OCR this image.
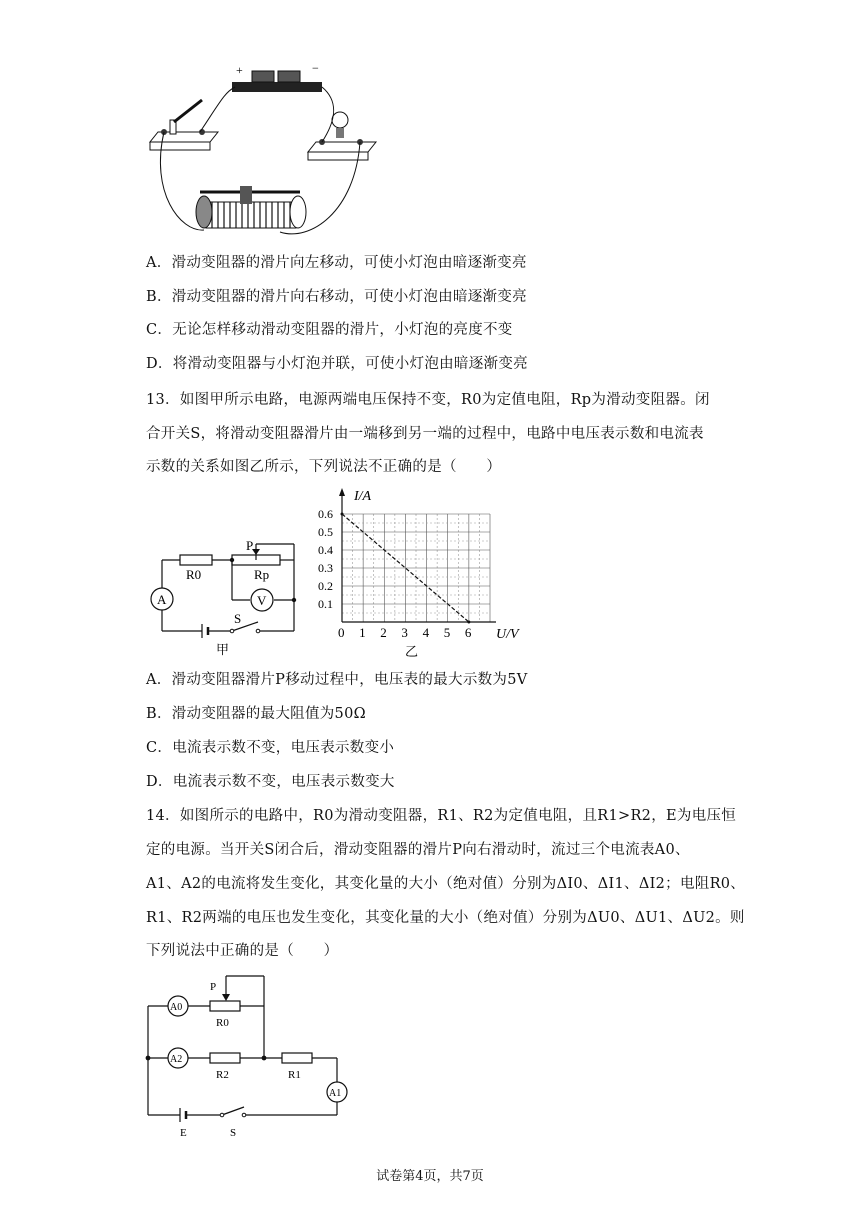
+	−
A．滑动变阻器的滑片向左移动，可使小灯泡由暗逐渐变亮
B．滑动变阻器的滑片向右移动，可使小灯泡由暗逐渐变亮
C．无论怎样移动滑动变阻器的滑片，小灯泡的亮度不变
D．将滑动变阻器与小灯泡并联，可使小灯泡由暗逐渐变亮
13．如图甲所示电路，电源两端电压保持不变，R0为定值电阻，Rp为滑动变阻器。闭
合开关S，将滑动变阻器滑片由一端移到另一端的过程中，电路中电压表示数和电流表
示数的关系如图乙所示，下列说法不正确的是（　　）
A	V
R0	Rp
P
S
甲
0 1 2 3 4 5 6
0.1
0.2
0.3
0.4
0.5
0.6
I/A
U/V
乙
A．滑动变阻器滑片P移动过程中，电压表的最大示数为5V
B．滑动变阻器的最大阻值为50Ω
C．电流表示数不变，电压表示数变小
D．电流表示数不变，电压表示数变大
14．如图所示的电路中，R0为滑动变阻器，R1、R2为定值电阻，且R1>R2，E为电压恒
定的电源。当开关S闭合后，滑动变阻器的滑片P向右滑动时，流过三个电流表A0、
A1、A2的电流将发生变化，其变化量的大小（绝对值）分别为ΔI0、ΔI1、ΔI2；电阻R0、
R1、R2两端的电压也发生变化，其变化量的大小（绝对值）分别为ΔU0、ΔU1、ΔU2。则
下列说法中正确的是（　　）
A0
A2
A1
R0
R2	R1
P
E	S
试卷第4页，共7页
